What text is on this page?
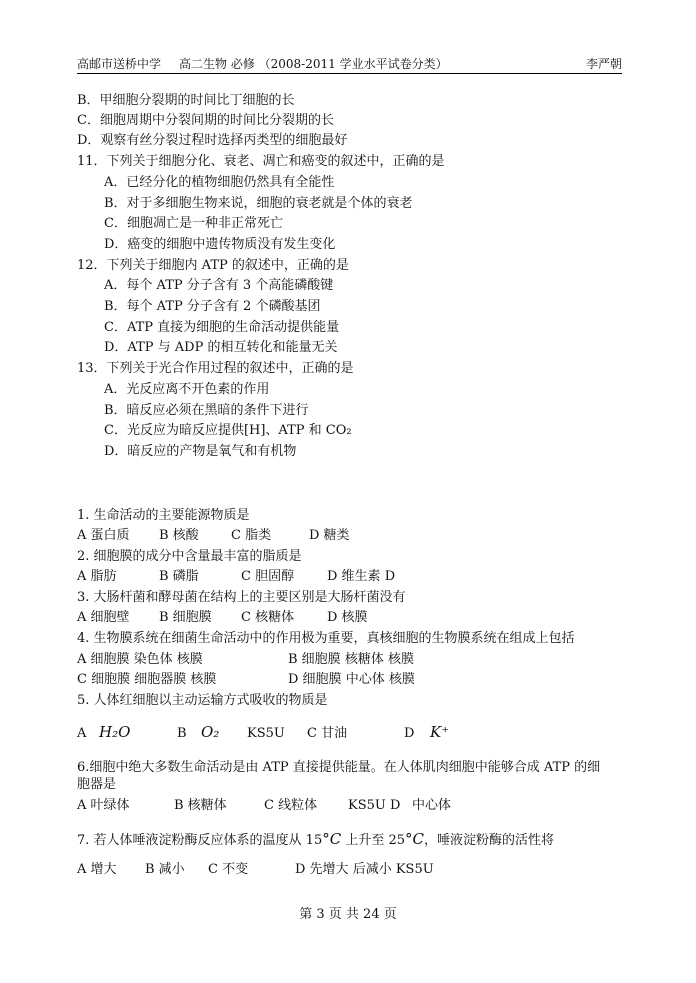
高邮市送桥中学 高二生物 必修 （2008-2011 学业水平试卷分类）	李严朝
B．甲细胞分裂期的时间比丁细胞的长
C．细胞周期中分裂间期的时间比分裂期的长
D．观察有丝分裂过程时选择丙类型的细胞最好
11．下列关于细胞分化、衰老、凋亡和癌变的叙述中，正确的是
A．已经分化的植物细胞仍然具有全能性
B．对于多细胞生物来说，细胞的衰老就是个体的衰老
C．细胞凋亡是一种非正常死亡
D．癌变的细胞中遗传物质没有发生变化
12．下列关于细胞内 ATP 的叙述中，正确的是
A．每个 ATP 分子含有 3 个高能磷酸键
B．每个 ATP 分子含有 2 个磷酸基团
C．ATP 直接为细胞的生命活动提供能量
D．ATP 与 ADP 的相互转化和能量无关
13．下列关于光合作用过程的叙述中，正确的是
A．光反应离不开色素的作用
B．暗反应必须在黑暗的条件下进行
C．光反应为暗反应提供[H]、ATP 和 CO₂
D．暗反应的产物是氧气和有机物
1. 生命活动的主要能源物质是
A 蛋白质 B 核酸 C 脂类	D 糖类
2. 细胞膜的成分中含量最丰富的脂质是
A 脂肪	B 磷脂	C 胆固醇	D 维生素 D
3. 大肠杆菌和酵母菌在结构上的主要区别是大肠杆菌没有
A 细胞壁 B 细胞膜 C 核糖体	D 核膜
4. 生物膜系统在细菌生命活动中的作用极为重要，真核细胞的生物膜系统在组成上包括
A 细胞膜 染色体 核膜	B 细胞膜 核糖体 核膜
C 细胞膜 细胞器膜 核膜	D 细胞膜 中心体 核膜
5. 人体红细胞以主动运输方式吸收的物质是
A H₂O	B O₂ KS5U C 甘油	D K⁺
6.细胞中绝大多数生命活动是由 ATP 直接提供能量。在人体肌肉细胞中能够合成 ATP 的细
胞器是
A 叶绿体	B 核糖体	C 线粒体 KS5U D 中心体
7. 若人体唾液淀粉酶反应体系的温度从 15°C 上升至 25°C，唾液淀粉酶的活性将
A 增大 B 减小 C 不变	D 先增大 后减小 KS5U
第 3 页 共 24 页
